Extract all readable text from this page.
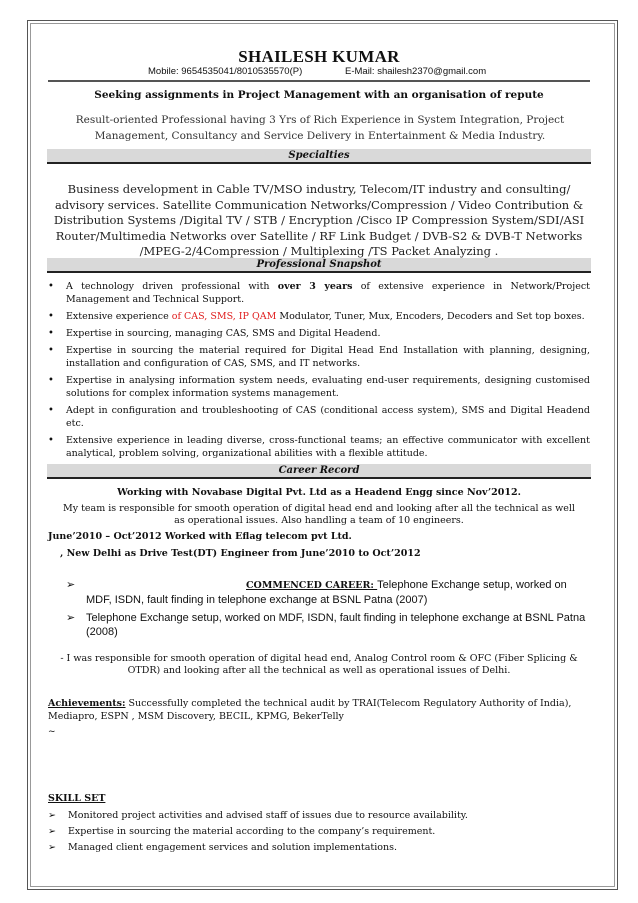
SHAILESH KUMAR
Mobile: 9654535041/8010535570(P)	E-Mail: shailesh2370@gmail.com
Seeking assignments in Project Management with an organisation of repute
Result-oriented Professional having 3 Yrs of Rich Experience in System Integration, Project Management, Consultancy and Service Delivery in Entertainment & Media Industry.
Specialties
Business development in Cable TV/MSO industry, Telecom/IT industry and consulting/ advisory services. Satellite Communication Networks/Compression / Video Contribution & Distribution Systems /Digital TV / STB / Encryption /Cisco IP Compression System/SDI/ASI Router/Multimedia Networks over Satellite / RF Link Budget / DVB-S2 & DVB-T Networks /MPEG-2/4Compression / Multiplexing /TS Packet Analyzing .
Professional Snapshot
• A technology driven professional with over 3 years of extensive experience in Network/Project Management and Technical Support.
• Extensive experience of CAS, SMS, IP QAM Modulator, Tuner, Mux, Encoders, Decoders and Set top boxes.
• Expertise in sourcing, managing CAS, SMS and Digital Headend.
• Expertise in sourcing the material required for Digital Head End Installation with planning, designing, installation and configuration of CAS, SMS, and IT networks.
• Expertise in analysing information system needs, evaluating end-user requirements, designing customised solutions for complex information systems management.
• Adept in configuration and troubleshooting of CAS (conditional access system), SMS and Digital Headend etc.
• Extensive experience in leading diverse, cross-functional teams; an effective communicator with excellent analytical, problem solving, organizational abilities with a flexible attitude.
Career Record
Working with Novabase Digital Pvt. Ltd as a Headend Engg since Nov’2012.
My team is responsible for smooth operation of digital head end and looking after all the technical as well as operational issues. Also handling a team of 10 engineers.
June’2010 – Oct’2012 Worked with Eflag telecom pvt Ltd.
, New Delhi as Drive Test(DT) Engineer from June’2010 to Oct’2012
➢	COMMENCED CAREER: Telephone Exchange setup, worked on MDF, ISDN, fault finding in telephone exchange at BSNL Patna (2007)
➢ Telephone Exchange setup, worked on MDF, ISDN, fault finding in telephone exchange at BSNL Patna (2008)
- I was responsible for smooth operation of digital head end, Analog Control room & OFC (Fiber Splicing & OTDR) and looking after all the technical as well as operational issues of Delhi.
Achievements: Successfully completed the technical audit by TRAI(Telecom Regulatory Authority of India), Mediapro, ESPN , MSM Discovery, BECIL, KPMG, BekerTelly
~
SKILL SET
➢ Monitored project activities and advised staff of issues due to resource availability.
➢ Expertise in sourcing the material according to the company’s requirement.
➢ Managed client engagement services and solution implementations.
